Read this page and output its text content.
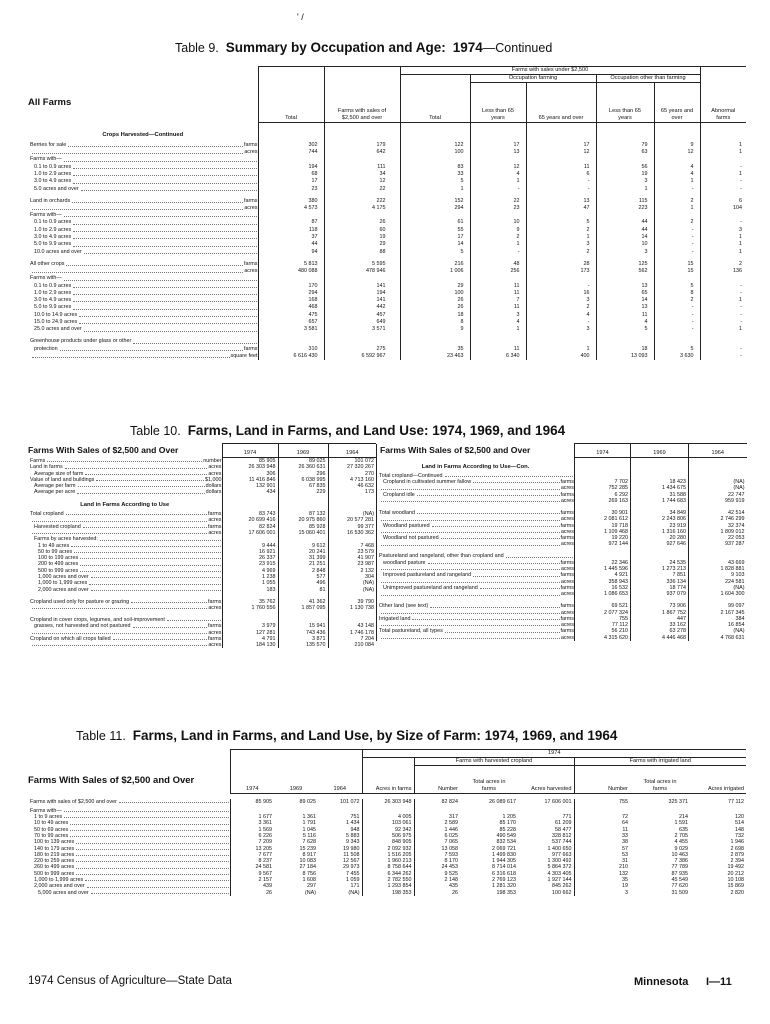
' /
Table 9. Summary by Occupation and Age: 1974—Continued
All Farms
				Farms with sales under $2,500					
					Occupation farming		Occupation other than farming		
		Total	Farms with sales of $2,500 and over	Total	Less than 65 years	65 years and over	Less than 65 years	65 years and over	Abnormal farms
Crops Harvested—Continued									

Berries for sale farms		302	179	122	17	17	79	9	1

acres		744	642	100	13	12	63	12	1

Farms with—									

0.1 to 0.9 acres		194	111	83	12	11	56	4	-

1.0 to 2.9 acres		68	34	33	4	6	19	4	1

3.0 to 4.9 acres		17	12	5	1	-	3	1	-

5.0 acres and over		23	22	1	-	-	1	-	-

Land in orchards farms		380	222	152	22	13	115	2	6

acres		4 573	4 175	294	23	47	223	1	104

Farms with—									

0.1 to 0.9 acres		87	26	61	10	5	44	2	-

1.0 to 2.9 acres		118	60	55	9	2	44	-	3

3.0 to 4.9 acres		37	19	17	2	1	14	-	1

5.0 to 9.9 acres		44	29	14	1	3	10	-	1

10.0 acres and over		94	88	5	-	2	3	-	1

All other crops farms		5 813	5 595	216	48	28	125	15	2

acres		480 088	478 946	1 006	256	173	562	15	136

Farms with—									

0.1 to 0.9 acres		170	141	29	11	-	13	5	-

1.0 to 2.9 acres		294	194	100	11	16	65	8	-

3.0 to 4.9 acres		168	141	26	7	3	14	2	1

5.0 to 9.9 acres		468	442	26	11	2	13	-	-

10.0 to 14.9 acres		475	457	18	3	4	11	-	-

15.0 to 24.9 acres		657	649	8	4	-	4	-	-

25.0 acres and over		3 581	3 571	9	1	3	5	-	1

Greenhouse products under glass or other									

protection farms		310	275	35	11	1	18	5	-

square feet		6 616 430	6 592 967	23 463	6 340	400	13 093	3 630	-
Table 10. Farms, Land in Farms, and Land Use: 1974, 1969, and 1964
Farms With Sales of $2,500 and Over	1974	1969	1964

Farms number	85 905	89 025	101 072

Land in farms acres	26 303 948	26 360 631	27 320 267

Average size of farm acres	306	296	270

Value of land and buildings $1,000	11 416 846	6 038 995	4 713 160

Average per farm dollars	132 901	67 835	46 632

Average per acre dollars	434	229	173
Land in Farms According to Use			

Total cropland farms	83 743	87 132	(NA)

acres	20 699 416	20 975 860	20 577 281

Harvested cropland farms	82 824	85 928	99 377

acres	17 606 001	15 060 401	16 530 362

Farms by acres harvested:			

1 to 49 acres	9 444	9 612	7 468

50 to 99 acres	16 921	20 241	23 579

100 to 199 acres	26 337	31 399	41 907

200 to 499 acres	23 915	21 251	23 987

500 to 999 acres	4 969	2 848	2 132

1,000 acres and over	1 238	577	304

1,000 to 1,999 acres	1 055	496	(NA)

2,000 acres and over	183	81	(NA)

Cropland used only for pasture or grazing farms	35 762	41 362	39 790

acres	1 760 556	1 857 095	1 130 738

Cropland in cover crops, legumes, and soil-improvement			

grasses, not harvested and not pastured farms	3 979	15 941	43 148

acres	127 281	743 436	1 746 178

Cropland on which all crops failed farms	4 791	3 871	7 204

acres	184 130	135 570	210 084
Farms With Sales of $2,500 and Over	1974	1969	1964
Land in Farms According to Use—Con.			

Total cropland—Continued			

Cropland in cultivated summer fallow farms	7 702	18 423	(NA)

acres	752 285	1 434 675	(NA)

Cropland idle farms	6 292	31 588	22 747

acres	269 163	1 744 683	959 919

Total woodland farms	30 901	34 849	42 514

acres	2 081 612	2 243 806	2 746 299

Woodland pastured farms	19 718	23 919	32 374

acres	1 109 468	1 316 160	1 809 012

Woodland not pastured farms	19 220	20 280	22 053

acres	972 144	927 646	937 287

Pastureland and rangeland, other than cropland and			

woodland pasture farms	22 346	24 535	43 669

acres	1 445 596	1 273 213	1 828 881

Improved pastureland and rangeland farms	4 921	7 851	9 103

acres	358 943	336 134	224 581

Unimproved pastureland and rangeland farms	16 532	18 774	(NA)

acres	1 086 653	937 079	1 604 300

Other land (see text) farms	69 521	73 906	99 097

acres	2 077 324	1 867 752	2 167 345

Irrigated land farms	755	447	384

acres	77 112	33 162	16 854

Total pastureland, all types farms	56 210	63 278	(NA)

acres	4 315 620	4 446 468	4 768 631
Table 11. Farms, Land in Farms, and Land Use, by Size of Farm: 1974, 1969, and 1964
Farms With Sales of $2,500 and Over
				1974						
					Farms with harvested cropland			Farms with irrigated land		
	1974	1969	1964	Acres in farms	Number	Total acres in farms	Acres harvested	Number	Total acres in farms	Acres irrigated

Farms with sales of $2,500 and over	85 905	89 025	101 072	26 303 948	82 824	26 089 617	17 606 001	755	325 371	77 112

Farms with—										

1 to 9 acres	1 677	1 361	751	4 005	317	1 205	771	72	214	120

10 to 49 acres	3 361	1 791	1 434	103 061	2 589	85 170	61 209	64	1 591	514

50 to 69 acres	1 569	1 045	948	92 342	1 446	85 228	58 477	11	635	148

70 to 99 acres	6 226	5 116	5 883	506 975	6 025	490 549	328 812	33	2 705	732

100 to 139 acres	7 209	7 628	9 343	848 905	7 065	832 534	537 744	38	4 455	1 946

140 to 179 acres	13 205	15 239	19 980	2 092 932	13 058	2 069 721	1 400 650	57	9 029	2 698

180 to 219 acres	7 677	8 917	11 508	1 516 205	7 593	1 499 830	977 663	53	10 463	2 879

220 to 259 acres	8 237	10 083	12 567	1 960 213	8 170	1 944 305	1 300 492	31	7 386	2 394

260 to 499 acres	24 581	27 184	29 973	8 758 644	24 453	8 714 014	5 864 372	210	77 789	19 492

500 to 999 acres	9 567	8 756	7 455	6 344 262	9 525	6 316 618	4 303 405	132	87 935	20 212

1,000 to 1,999 acres	2 157	1 608	1 059	2 782 550	2 148	2 769 123	1 927 144	35	45 549	10 108

2,000 acres and over	439	297	171	1 293 854	435	1 281 320	845 262	19	77 620	15 869

5,000 acres and over	26	(NA)	(NA)	198 353	26	198 353	100 662	3	31 509	2 820
1974 Census of Agriculture—State Data	Minnesota I—11
